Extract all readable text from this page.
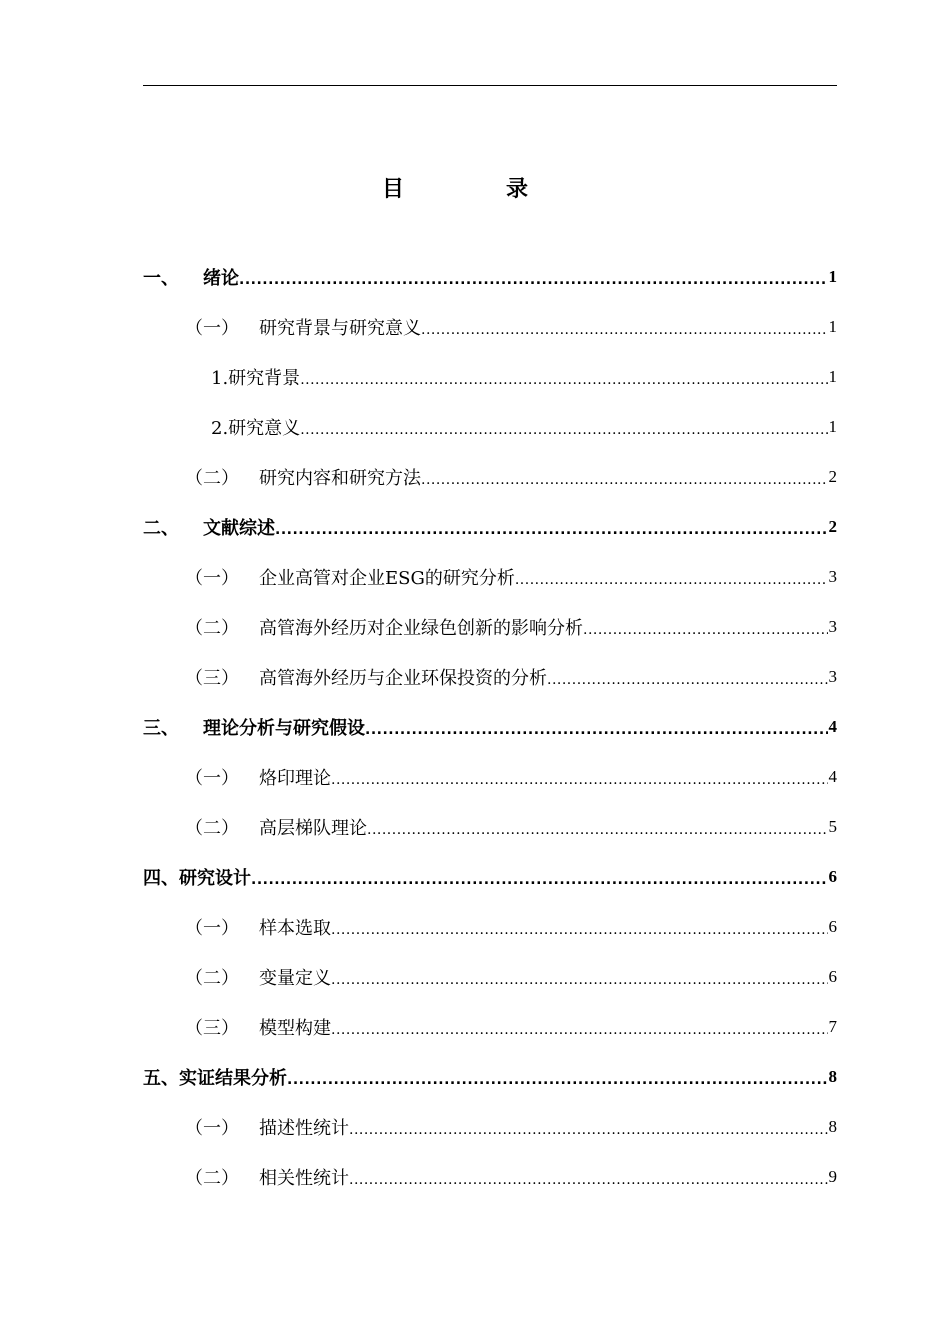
目　录
一、	绪论 .....	1
（一）	研究背景与研究意义 .....	1
1.研究背景 .....	1
2.研究意义 .....	1
（二）	研究内容和研究方法 .....	2
二、	文献综述 .....	2
（一）	企业高管对企业ESG的研究分析 .....	3
（二）	高管海外经历对企业绿色创新的影响分析 .....	3
（三）	高管海外经历与企业环保投资的分析 .....	3
三、	理论分析与研究假设 .....	4
（一）	烙印理论 .....	4
（二）	高层梯队理论 .....	5
四、 研究设计 .....	6
（一）	样本选取 .....	6
（二）	变量定义 .....	6
（三）	模型构建 .....	7
五、 实证结果分析 .....	8
（一）	描述性统计 .....	8
（二）	相关性统计 .....	9
